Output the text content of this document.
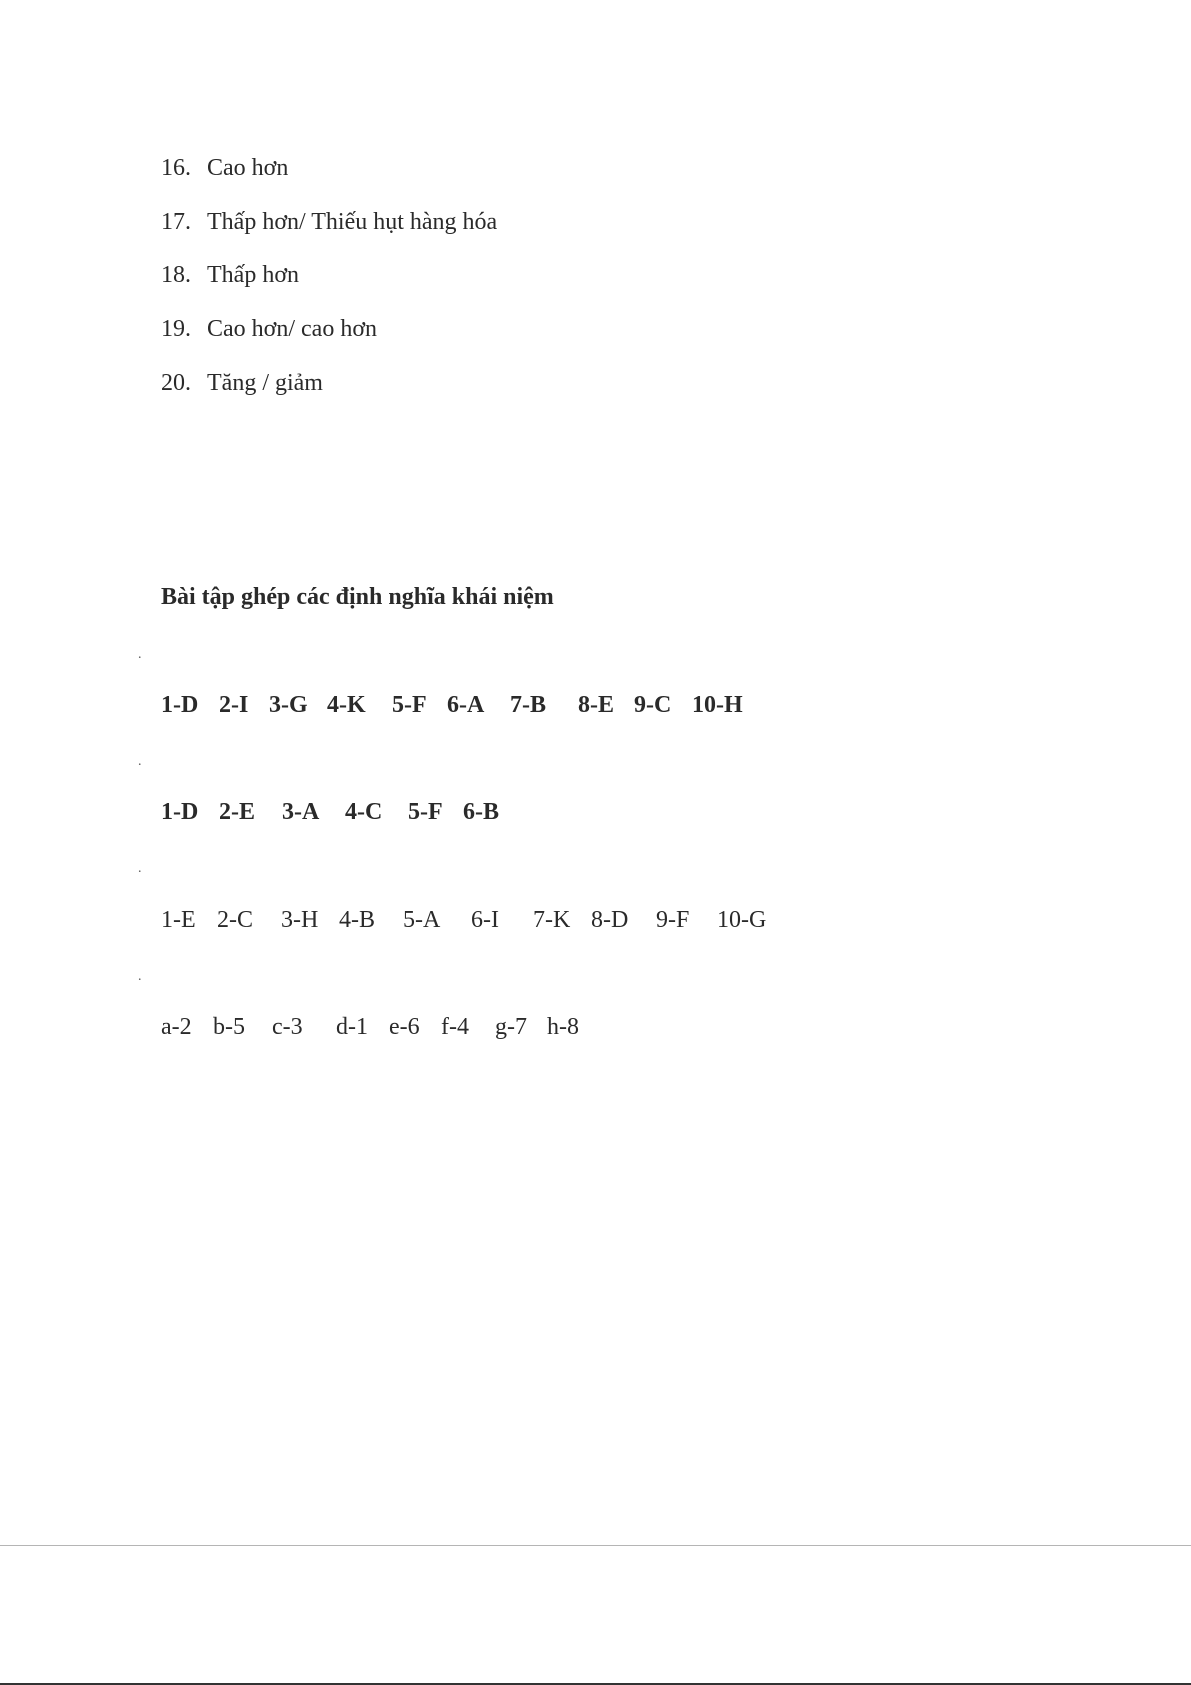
16. Cao hơn
17. Thấp hơn/ Thiếu hụt hàng hóa
18. Thấp hơn
19. Cao hơn/ cao hơn
20. Tăng / giảm
Bài tập ghép các định nghĩa khái niệm
.
1-D 2-I 3-G 4-K 5-F 6-A 7-B 8-E 9-C 10-H
.
1-D 2-E 3-A 4-C 5-F 6-B
.
1-E 2-C 3-H 4-B 5-A 6-I 7-K 8-D 9-F 10-G
.
a-2 b-5 c-3 d-1 e-6 f-4 g-7 h-8
